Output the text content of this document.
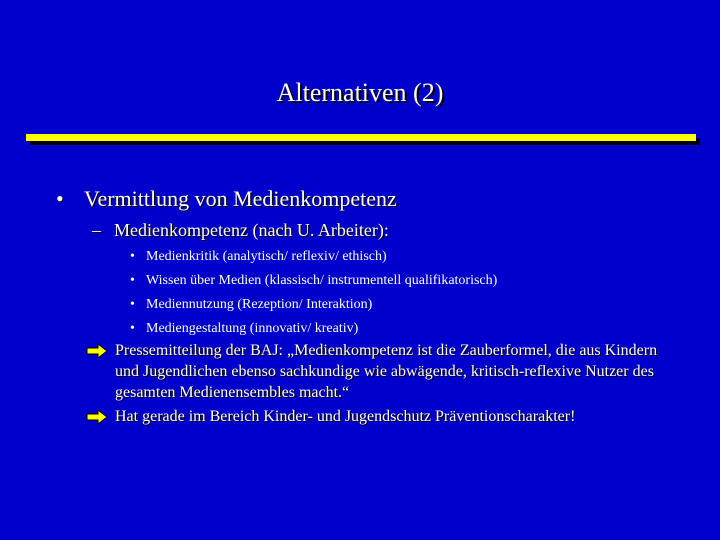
Alternativen (2)
• Vermittlung von Medienkompetenz
– Medienkompetenz (nach U. Arbeiter):
• Medienkritik (analytisch/ reflexiv/ ethisch)
• Wissen über Medien (klassisch/ instrumentell qualifikatorisch)
• Mediennutzung (Rezeption/ Interaktion)
• Mediengestaltung (innovativ/ kreativ)
Pressemitteilung der BAJ: „Medienkompetenz ist die Zauberformel, die aus Kindern und Jugendlichen ebenso sachkundige wie abwägende, kritisch-reflexive Nutzer des gesamten Medienensembles macht.“
Hat gerade im Bereich Kinder- und Jugendschutz Präventionscharakter!
